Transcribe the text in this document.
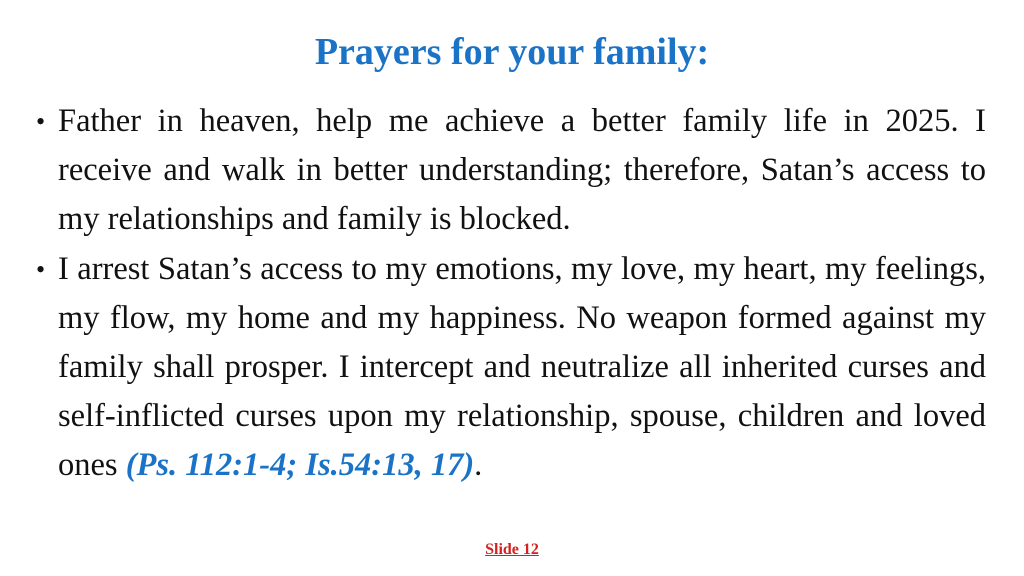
Prayers for your family:
• Father in heaven, help me achieve a better family life in 2025. I receive and walk in better understanding; therefore, Satan’s access to my relationships and family is blocked.
• I arrest Satan’s access to my emotions, my love, my heart, my feelings, my flow, my home and my happiness. No weapon formed against my family shall prosper. I intercept and neutralize all inherited curses and self-inflicted curses upon my relationship, spouse, children and loved ones (Ps. 112:1-4; Is.54:13, 17).
Slide 12
